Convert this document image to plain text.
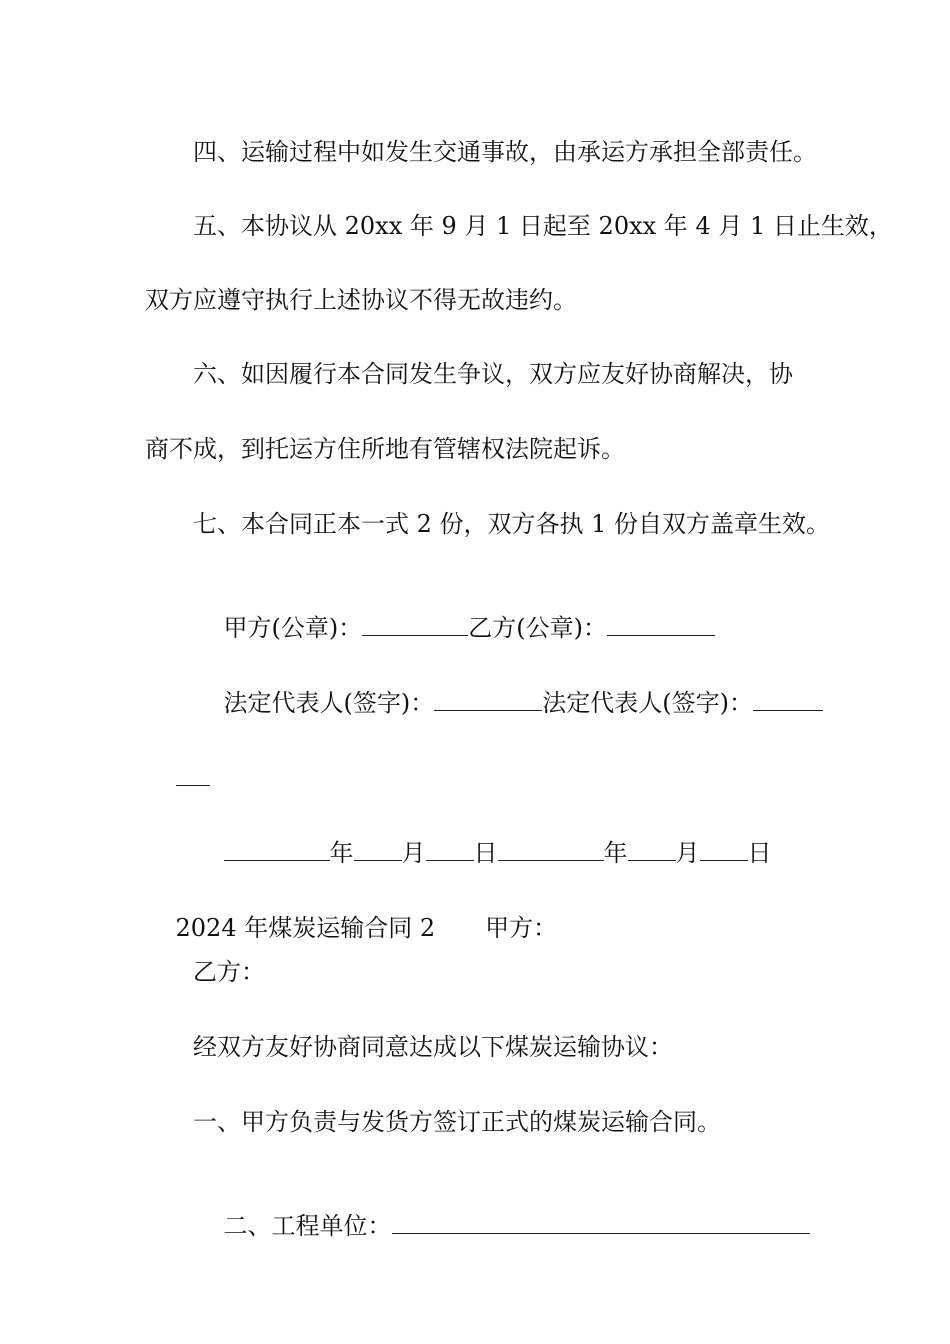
四、运输过程中如发生交通事故，由承运方承担全部责任。
五、本协议从 20xx 年 9 月 1 日起至 20xx 年 4 月 1 日止生效，
双方应遵守执行上述协议不得无故违约。
六、如因履行本合同发生争议，双方应友好协商解决，协
商不成，到托运方住所地有管辖权法院起诉。
七、本合同正本一式 2 份，双方各执 1 份自双方盖章生效。

甲方(公章)：	乙方(公章)：

法定代表人(签字)：	法定代表人(签字)：

年 月 日	年 月 日

2024 年煤炭运输合同 2 甲方：

乙方：
经双方友好协商同意达成以下煤炭运输协议：
一、甲方负责与发货方签订正式的煤炭运输合同。

二、工程单位：
